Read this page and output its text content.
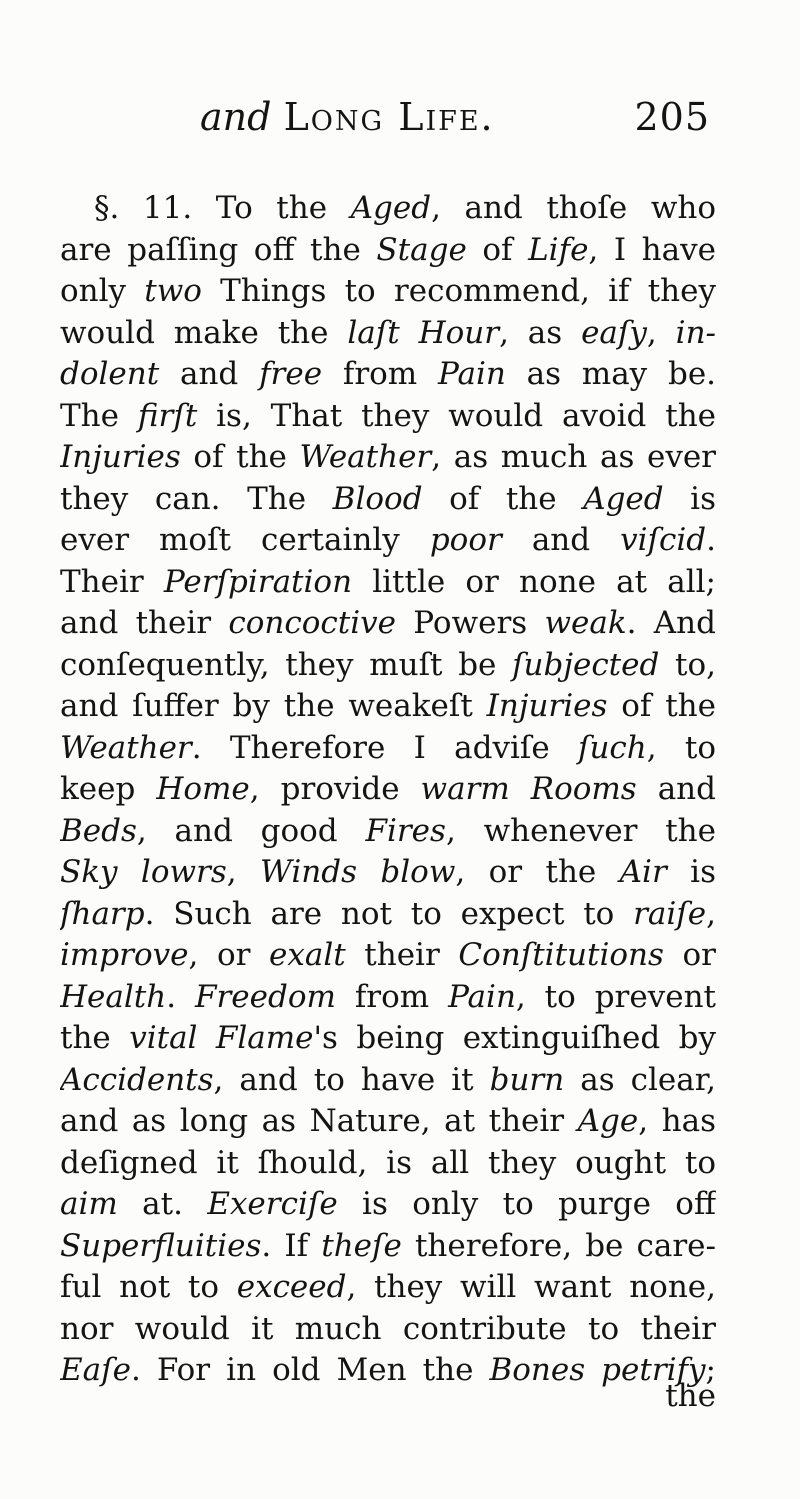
and Long Life.	205
§. 11. To the Aged, and thoſe who
are paſſing off the Stage of Life, I have
only two Things to recommend, if they
would make the laſt Hour, as eaſy, in-
dolent and free from Pain as may be.
The firſt is, That they would avoid the
Injuries of the Weather, as much as ever
they can. The Blood of the Aged is
ever moſt certainly poor and viſcid.
Their Perſpiration little or none at all;
and their concoctive Powers weak. And
conſequently, they muſt be ſubjected to,
and ſuffer by the weakeſt Injuries of the
Weather. Therefore I adviſe ſuch, to
keep Home, provide warm Rooms and
Beds, and good Fires, whenever the
Sky lowrs, Winds blow, or the Air is
ſharp. Such are not to expect to raiſe,
improve, or exalt their Conſtitutions or
Health. Freedom from Pain, to prevent
the vital Flame's being extinguiſhed by
Accidents, and to have it burn as clear,
and as long as Nature, at their Age, has
deſigned it ſhould, is all they ought to
aim at. Exerciſe is only to purge off
Superfluities. If theſe therefore, be care-
ful not to exceed, they will want none,
nor would it much contribute to their
Eaſe. For in old Men the Bones petrify;
the
